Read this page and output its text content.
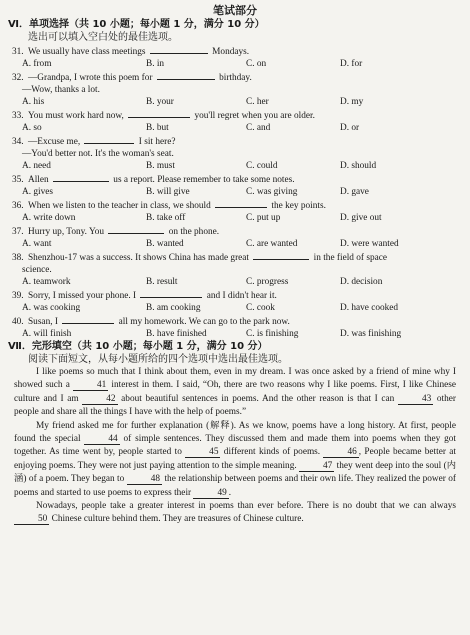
笔试部分
Ⅵ．单项选择（共 10 小题；每小题 1 分，满分 10 分）
选出可以填入空白处的最佳选项。
31. We usually have class meetings	Mondays.
A. from	B. in	C. on	D. for
32. —Grandpa, I wrote this poem for	birthday.
—Wow, thanks a lot.
A. his	B. your	C. her	D. my
33. You must work hard now,	you'll regret when you are older.
A. so	B. but	C. and	D. or
34. —Excuse me,	I sit here?
—You'd better not. It's the woman's seat.
A. need	B. must	C. could	D. should
35. Allen	us a report. Please remember to take some notes.
A. gives	B. will give	C. was giving	D. gave
36. When we listen to the teacher in class, we should	the key points.
A. write down	B. take off	C. put up	D. give out
37. Hurry up, Tony. You	on the phone.
A. want	B. wanted	C. are wanted	D. were wanted
38. Shenzhou-17 was a success. It shows China has made great	in the field of space
science.
A. teamwork	B. result	C. progress	D. decision
39. Sorry, I missed your phone. I	and I didn't hear it.
A. was cooking	B. am cooking	C. cook	D. have cooked
40. Susan, I	all my homework. We can go to the park now.
A. will finish	B. have finished	C. is finishing	D. was finishing
Ⅶ．完形填空（共 10 小题；每小题 1 分，满分 10 分）
阅读下面短文，从每小题所给的四个选项中选出最佳选项。

I like poems so much that I think about them, even in my dream. I was once asked by a friend of mine why I showed such a	41 interest in them. I said, “Oh, there are two reasons why I like poems. First, I like Chinese culture and I am	42 about beautiful sentences in poems. And the other reason is that I can	43 other people and share all the things I have with the help of poems.”

My friend asked me for further explanation (解释). As we know, poems have a long history. At first, people found the special	44 of simple sentences. They discussed them and made them into poems when they got together. As time went by, people started to	45 different kinds of poems.	46 , People became better at enjoying poems. They were not just paying attention to the simple meaning.	47 they went deep into the soul (内涵) of a poem. They began to	48 the relationship between poems and their own life. They realized the power of poems and started to use poems to express their	49 .

Nowadays, people take a greater interest in poems than ever before. There is no doubt that we can always 50 Chinese culture behind them. They are treasures of Chinese culture.
